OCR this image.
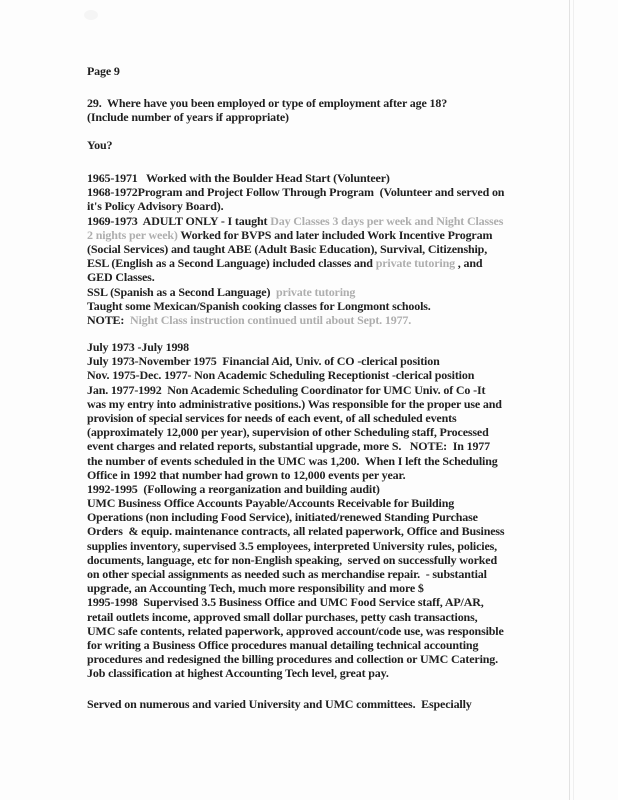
Page 9
29.  Where have you been employed or type of employment after age 18?
(Include number of years if appropriate)
You?
1965-1971   Worked with the Boulder Head Start (Volunteer)
1968-1972Program and Project Follow Through Program  (Volunteer and served on
it's Policy Advisory Board).
1969-1973  ADULT ONLY - I taught Day Classes 3 days per week and Night Classes
2 nights per week) Worked for BVPS and later included Work Incentive Program
(Social Services) and taught ABE (Adult Basic Education), Survival, Citizenship,
ESL (English as a Second Language) included classes and private tutoring , and
GED Classes.
SSL (Spanish as a Second Language)  private tutoring
Taught some Mexican/Spanish cooking classes for Longmont schools.
NOTE:  Night Class instruction continued until about Sept. 1977.
July 1973 -July 1998
July 1973-November 1975  Financial Aid, Univ. of CO -clerical position
Nov. 1975-Dec. 1977- Non Academic Scheduling Receptionist -clerical position
Jan. 1977-1992  Non Academic Scheduling Coordinator for UMC Univ. of Co -It
was my entry into administrative positions.) Was responsible for the proper use and
provision of special services for needs of each event, of all scheduled events
(approximately 12,000 per year), supervision of other Scheduling staff, Processed
event charges and related reports, substantial upgrade, more S.   NOTE:  In 1977
the number of events scheduled in the UMC was 1,200.  When I left the Scheduling
Office in 1992 that number had grown to 12,000 events per year.
1992-1995  (Following a reorganization and building audit)
UMC Business Office Accounts Payable/Accounts Receivable for Building
Operations (non including Food Service), initiated/renewed Standing Purchase
Orders  & equip. maintenance contracts, all related paperwork, Office and Business
supplies inventory, supervised 3.5 employees, interpreted University rules, policies,
documents, language, etc for non-English speaking,  served on successfully worked
on other special assignments as needed such as merchandise repair.  - substantial
upgrade, an Accounting Tech, much more responsibility and more $
1995-1998  Supervised 3.5 Business Office and UMC Food Service staff, AP/AR,
retail outlets income, approved small dollar purchases, petty cash transactions,
UMC safe contents, related paperwork, approved account/code use, was responsible
for writing a Business Office procedures manual detailing technical accounting
procedures and redesigned the billing procedures and collection or UMC Catering.
Job classification at highest Accounting Tech level, great pay.
Served on numerous and varied University and UMC committees.  Especially
